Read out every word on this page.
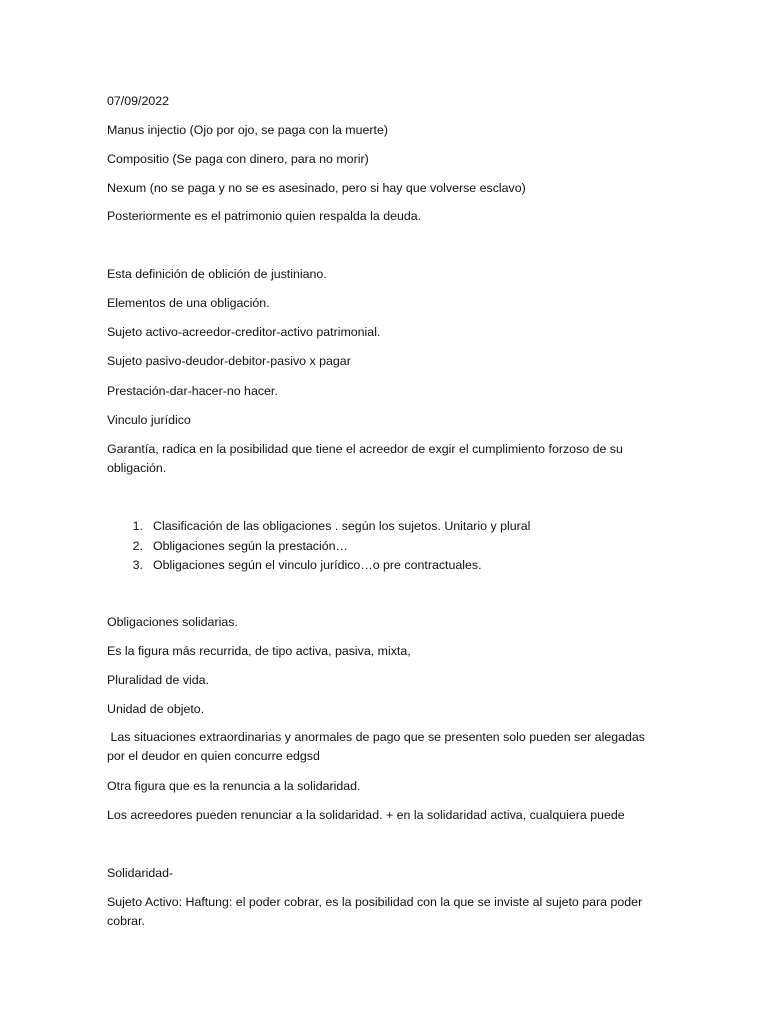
07/09/2022

Manus injectio (Ojo por ojo, se paga con la muerte)

Compositio (Se paga con dinero, para no morir)

Nexum (no se paga y no se es asesinado, pero si hay que volverse esclavo)

Posteriormente es el patrimonio quien respalda la deuda.

Esta definición de oblición de justiniano.

Elementos de una obligación.

Sujeto activo-acreedor-creditor-activo patrimonial.

Sujeto pasivo-deudor-debitor-pasivo x pagar

Prestación-dar-hacer-no hacer.

Vinculo jurídico

Garantía, radica en la posibilidad que tiene el acreedor de exgir el cumplimiento forzoso de su obligación.

1. Clasificación de las obligaciones . según los sujetos. Unitario y plural
2. Obligaciones según la prestación…
3. Obligaciones según el vinculo jurídico…o pre contractuales.

Obligaciones solidarias.

Es la figura más recurrida, de tipo activa, pasiva, mixta,

Pluralidad de vida.

Unidad de objeto.

Las situaciones extraordinarias y anormales de pago que se presenten solo pueden ser alegadas por el deudor en quien concurre edgsd

Otra figura que es la renuncia a la solidaridad.

Los acreedores pueden renunciar a la solidaridad. + en la solidaridad activa, cualquiera puede

Solidaridad-

Sujeto Activo: Haftung: el poder cobrar, es la posibilidad con la que se inviste al sujeto para poder cobrar.
